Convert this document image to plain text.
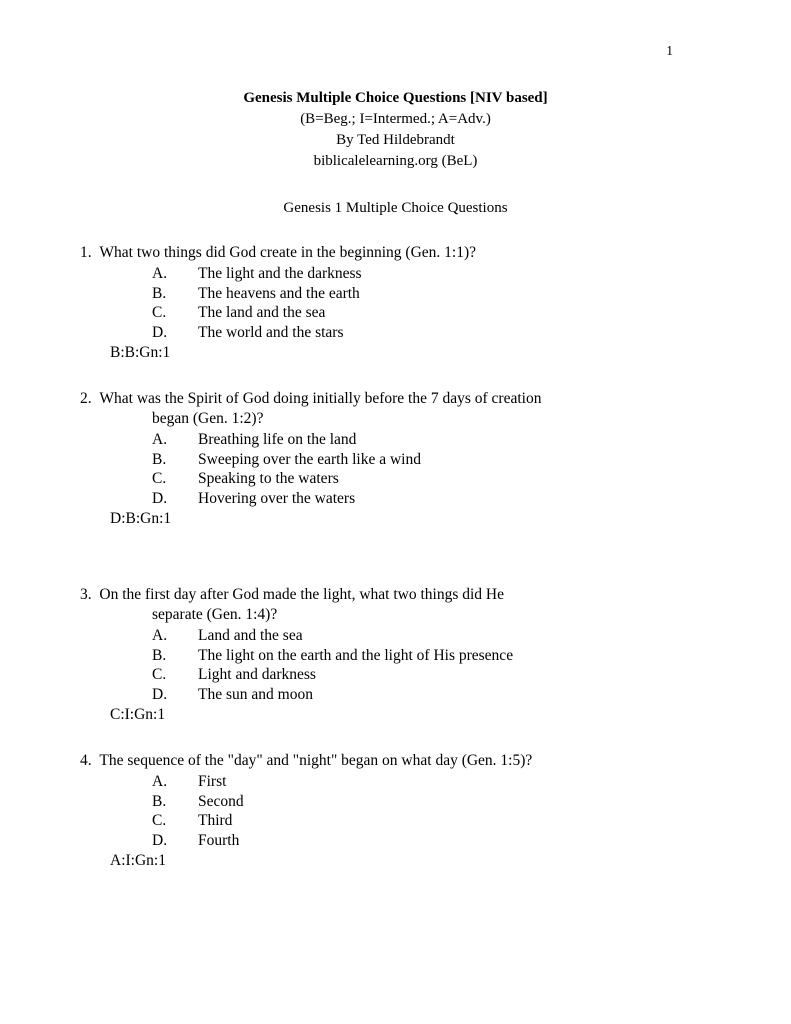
1
Genesis Multiple Choice Questions [NIV based]
(B=Beg.; I=Intermed.; A=Adv.)
By Ted Hildebrandt
biblicalelearning.org (BeL)
Genesis 1 Multiple Choice Questions
1. What two things did God create in the beginning (Gen. 1:1)?
A.	The light and the darkness
B.	The heavens and the earth
C.	The land and the sea
D.	The world and the stars
B:B:Gn:1
2. What was the Spirit of God doing initially before the 7 days of creation
began (Gen. 1:2)?
A.	Breathing life on the land
B.	Sweeping over the earth like a wind
C.	Speaking to the waters
D.	Hovering over the waters
D:B:Gn:1
3. On the first day after God made the light, what two things did He
separate (Gen. 1:4)?
A.	Land and the sea
B.	The light on the earth and the light of His presence
C.	Light and darkness
D.	The sun and moon
C:I:Gn:1
4. The sequence of the "day" and "night" began on what day (Gen. 1:5)?
A.	First
B.	Second
C.	Third
D.	Fourth
A:I:Gn:1
